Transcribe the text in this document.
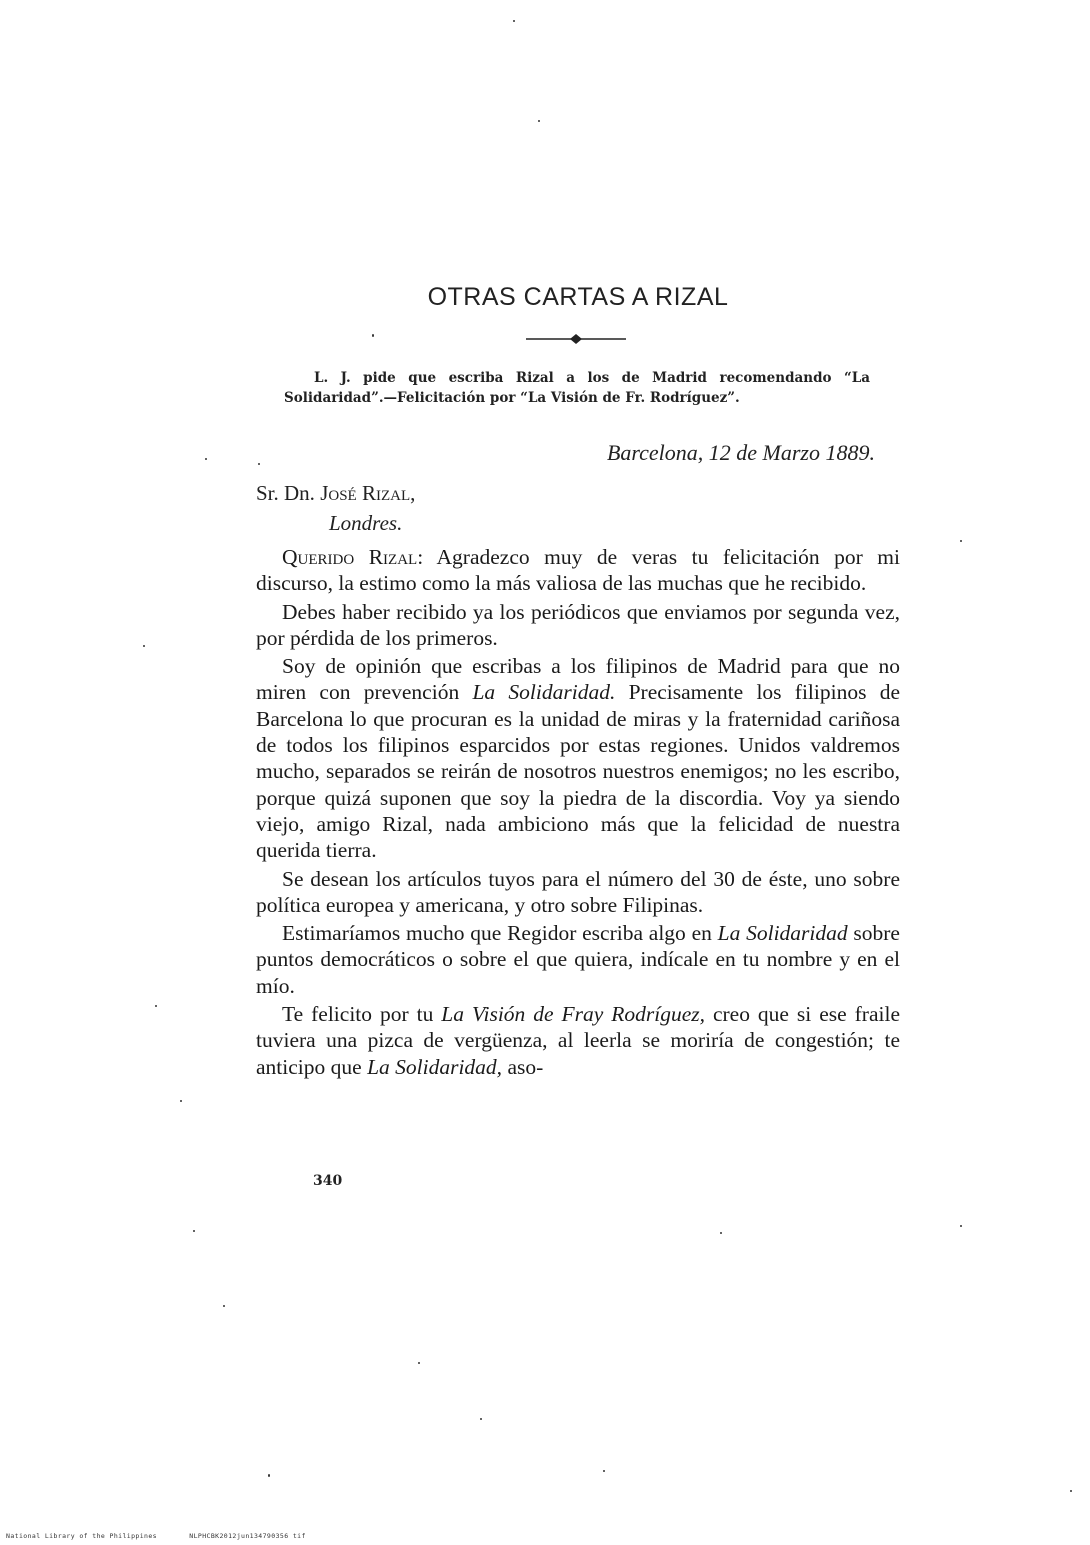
OTRAS CARTAS A RIZAL

L. J. pide que escriba Rizal a los de Madrid recomendando “La Solidaridad”.—Felicitación por “La Visión de Fr. Rodríguez”.

Barcelona, 12 de Marzo 1889.
Sr. Dn. José Rizal,
Londres.

Querido Rizal: Agradezco muy de veras tu felicitación por mi discurso, la estimo como la más valiosa de las muchas que he recibido.

Debes haber recibido ya los periódicos que enviamos por segunda vez, por pérdida de los primeros.

Soy de opinión que escribas a los filipinos de Madrid para que no miren con prevención La Solidaridad. Precisamente los filipinos de Barcelona lo que procuran es la unidad de miras y la fraternidad cariñosa de todos los filipinos esparcidos por estas regiones. Unidos valdremos mucho, separados se reirán de nosotros nuestros enemigos; no les escribo, porque quizá suponen que soy la piedra de la discordia. Voy ya siendo viejo, amigo Rizal, nada ambiciono más que la felicidad de nuestra querida tierra.

Se desean los artículos tuyos para el número del 30 de éste, uno sobre política europea y americana, y otro sobre Filipinas.

Estimaríamos mucho que Regidor escriba algo en La Solidaridad sobre puntos democráticos o sobre el que quiera, indícale en tu nombre y en el mío.

Te felicito por tu La Visión de Fray Rodríguez, creo que si ese fraile tuviera una pizca de vergüenza, al leerla se moriría de congestión; te anticipo que La Solidaridad, aso-

340
National Library of the Philippines	NLPHCBK2012jun134790356 tif
